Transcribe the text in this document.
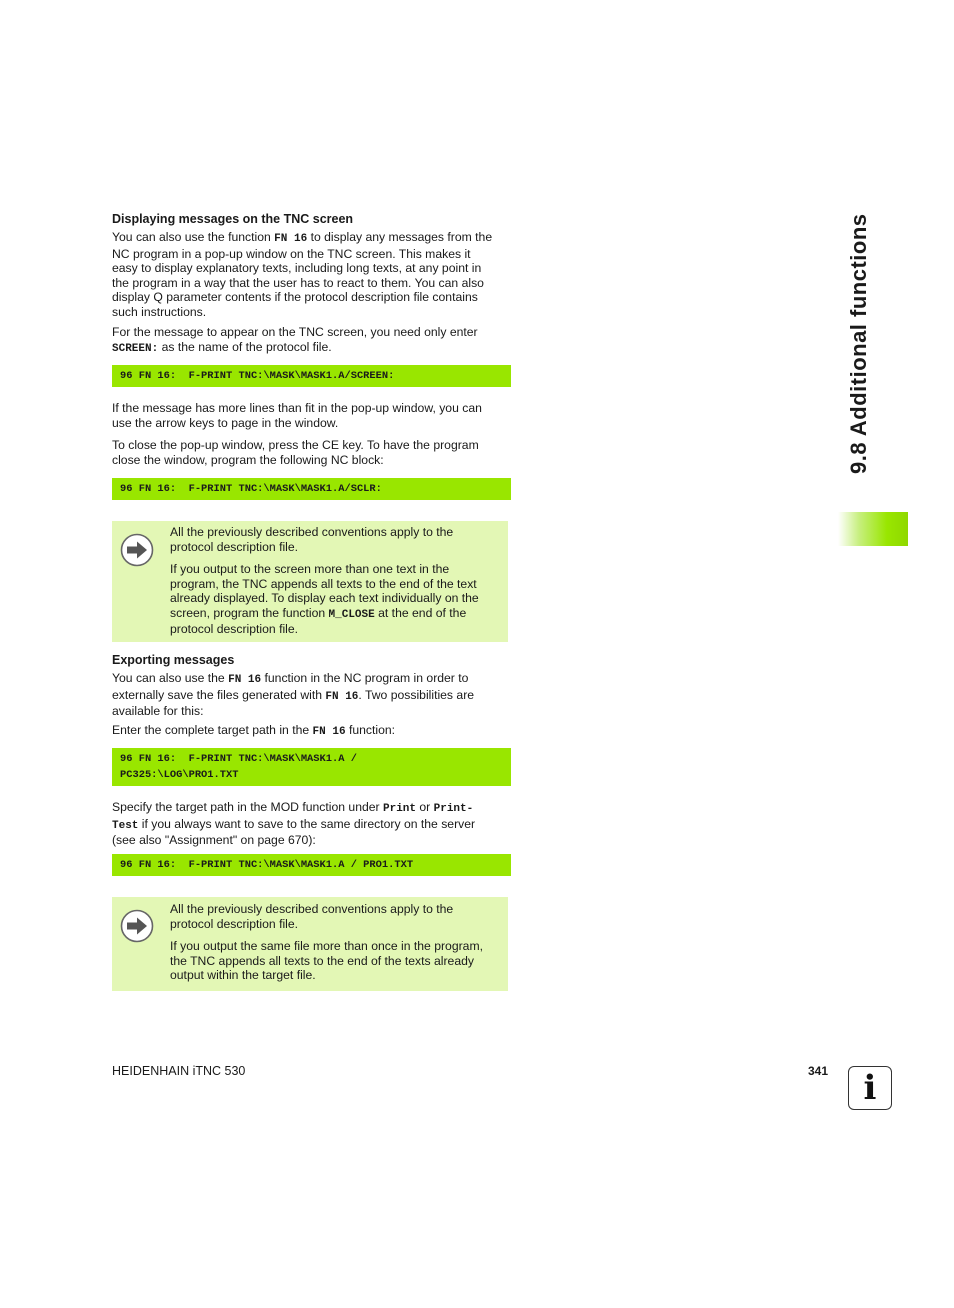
9.8 Additional functions
Displaying messages on the TNC screen
You can also use the function FN 16 to display any messages from the
NC program in a pop-up window on the TNC screen. This makes it
easy to display explanatory texts, including long texts, at any point in
the program in a way that the user has to react to them. You can also
display Q parameter contents if the protocol description file contains
such instructions.
For the message to appear on the TNC screen, you need only enter
SCREEN: as the name of the protocol file.
96 FN 16:  F-PRINT TNC:\MASK\MASK1.A/SCREEN:
If the message has more lines than fit in the pop-up window, you can
use the arrow keys to page in the window.
To close the pop-up window, press the CE key. To have the program
close the window, program the following NC block:
96 FN 16:  F-PRINT TNC:\MASK\MASK1.A/SCLR:

All the previously described conventions apply to the
protocol description file.

If you output to the screen more than one text in the
program, the TNC appends all texts to the end of the text
already displayed. To display each text individually on the
screen, program the function M_CLOSE at the end of the
protocol description file.

Exporting messages
You can also use the FN 16 function in the NC program in order to
externally save the files generated with FN 16. Two possibilities are
available for this:
Enter the complete target path in the FN 16 function:
96 FN 16:  F-PRINT TNC:\MASK\MASK1.A /
PC325:\LOG\PRO1.TXT
Specify the target path in the MOD function under Print or Print-
Test if you always want to save to the same directory on the server
(see also "Assignment" on page 670):
96 FN 16:  F-PRINT TNC:\MASK\MASK1.A / PRO1.TXT

All the previously described conventions apply to the
protocol description file.

If you output the same file more than once in the program,
the TNC appends all texts to the end of the texts already
output within the target file.

HEIDENHAIN iTNC 530	341	i
